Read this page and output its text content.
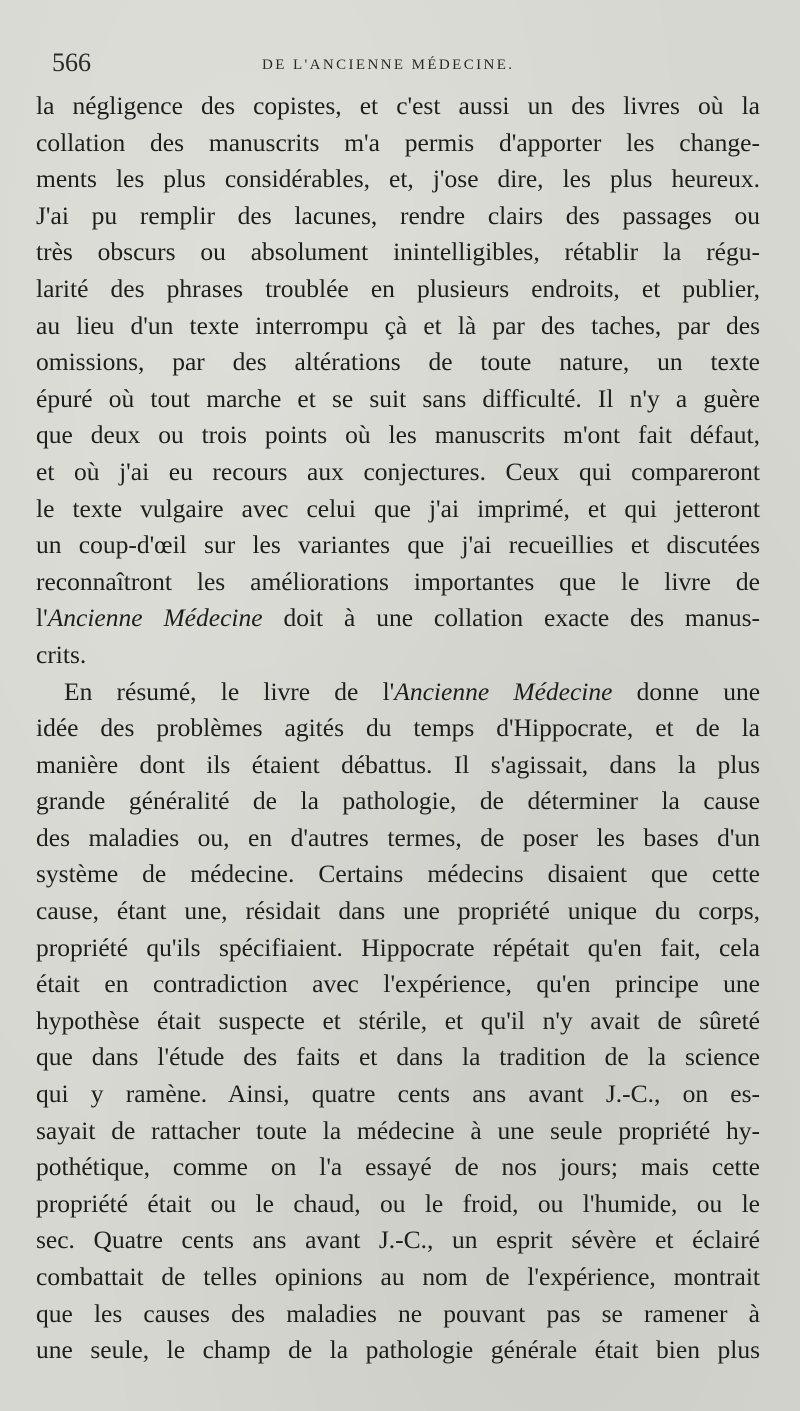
566	DE L'ANCIENNE MÉDECINE.
la négligence des copistes, et c'est aussi un des livres où la
collation des manuscrits m'a permis d'apporter les change-
ments les plus considérables, et, j'ose dire, les plus heureux.
J'ai pu remplir des lacunes, rendre clairs des passages ou
très obscurs ou absolument inintelligibles, rétablir la régu-
larité des phrases troublée en plusieurs endroits, et publier,
au lieu d'un texte interrompu çà et là par des taches, par des
omissions, par des altérations de toute nature, un texte
épuré où tout marche et se suit sans difficulté. Il n'y a guère
que deux ou trois points où les manuscrits m'ont fait défaut,
et où j'ai eu recours aux conjectures. Ceux qui compareront
le texte vulgaire avec celui que j'ai imprimé, et qui jetteront
un coup-d'œil sur les variantes que j'ai recueillies et discutées
reconnaîtront les améliorations importantes que le livre de
l'Ancienne Médecine doit à une collation exacte des manus-
crits.
En résumé, le livre de l'Ancienne Médecine donne une
idée des problèmes agités du temps d'Hippocrate, et de la
manière dont ils étaient débattus. Il s'agissait, dans la plus
grande généralité de la pathologie, de déterminer la cause
des maladies ou, en d'autres termes, de poser les bases d'un
système de médecine. Certains médecins disaient que cette
cause, étant une, résidait dans une propriété unique du corps,
propriété qu'ils spécifiaient. Hippocrate répétait qu'en fait, cela
était en contradiction avec l'expérience, qu'en principe une
hypothèse était suspecte et stérile, et qu'il n'y avait de sûreté
que dans l'étude des faits et dans la tradition de la science
qui y ramène. Ainsi, quatre cents ans avant J.-C., on es-
sayait de rattacher toute la médecine à une seule propriété hy-
pothétique, comme on l'a essayé de nos jours; mais cette
propriété était ou le chaud, ou le froid, ou l'humide, ou le
sec. Quatre cents ans avant J.-C., un esprit sévère et éclairé
combattait de telles opinions au nom de l'expérience, montrait
que les causes des maladies ne pouvant pas se ramener à
une seule, le champ de la pathologie générale était bien plus
